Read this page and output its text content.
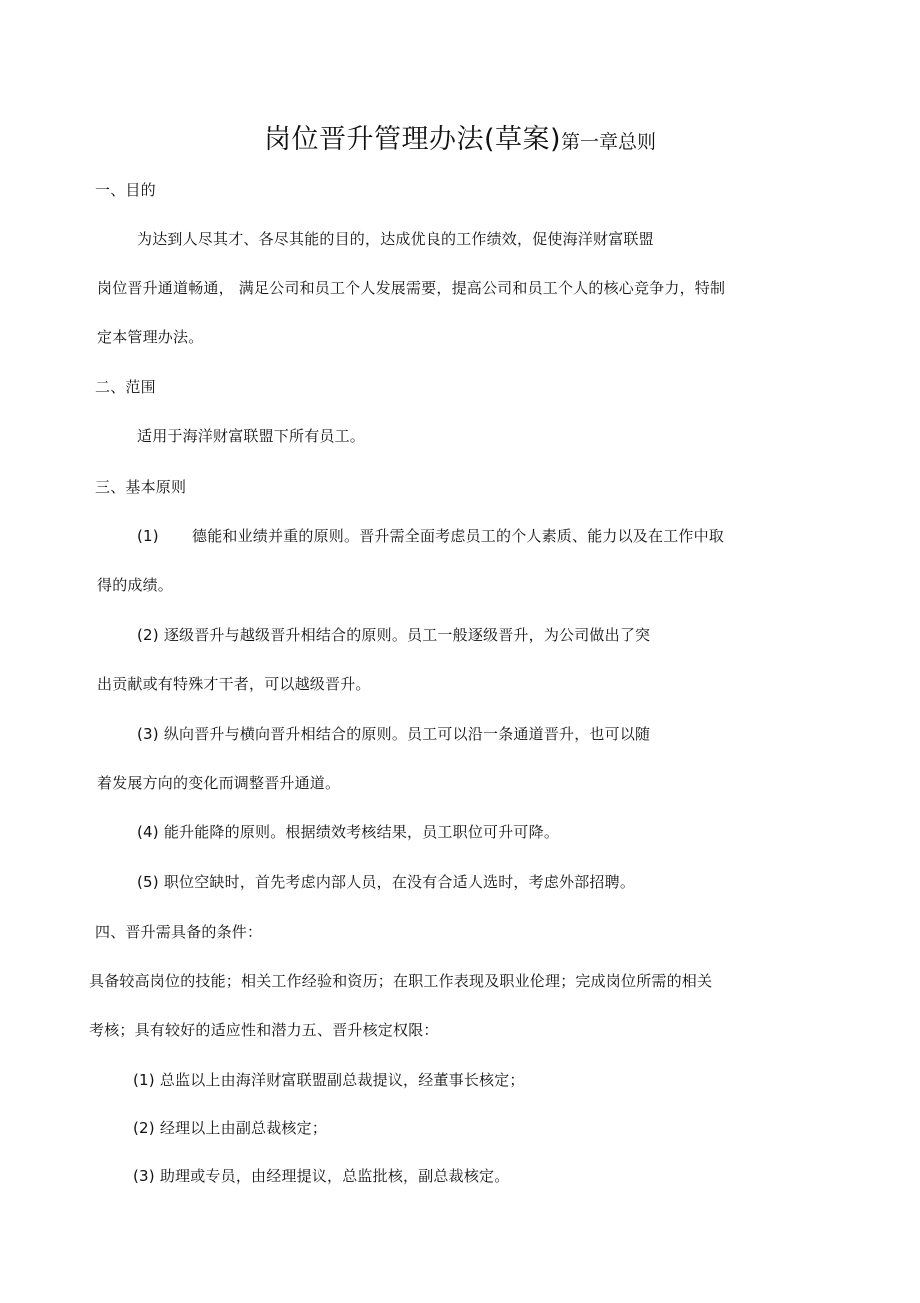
岗位晋升管理办法(草案)第一章总则
一、目的
为达到人尽其才、各尽其能的目的，达成优良的工作绩效，促使海洋财富联盟
岗位晋升通道畅通， 满足公司和员工个人发展需要，提高公司和员工个人的核心竞争力，特制
定本管理办法。
二、范围
适用于海洋财富联盟下所有员工。
三、基本原则
(1) 德能和业绩并重的原则。晋升需全面考虑员工的个人素质、能力以及在工作中取
得的成绩。
(2) 逐级晋升与越级晋升相结合的原则。员工一般逐级晋升，为公司做出了突
出贡献或有特殊才干者，可以越级晋升。
(3) 纵向晋升与横向晋升相结合的原则。员工可以沿一条通道晋升，也可以随
着发展方向的变化而调整晋升通道。
(4) 能升能降的原则。根据绩效考核结果，员工职位可升可降。
(5) 职位空缺时，首先考虑内部人员，在没有合适人选时，考虑外部招聘。
四、晋升需具备的条件：
具备较高岗位的技能；相关工作经验和资历；在职工作表现及职业伦理；完成岗位所需的相关
考核；具有较好的适应性和潜力五、晋升核定权限：
(1) 总监以上由海洋财富联盟副总裁提议，经董事长核定；
(2) 经理以上由副总裁核定；
(3) 助理或专员，由经理提议，总监批核，副总裁核定。
